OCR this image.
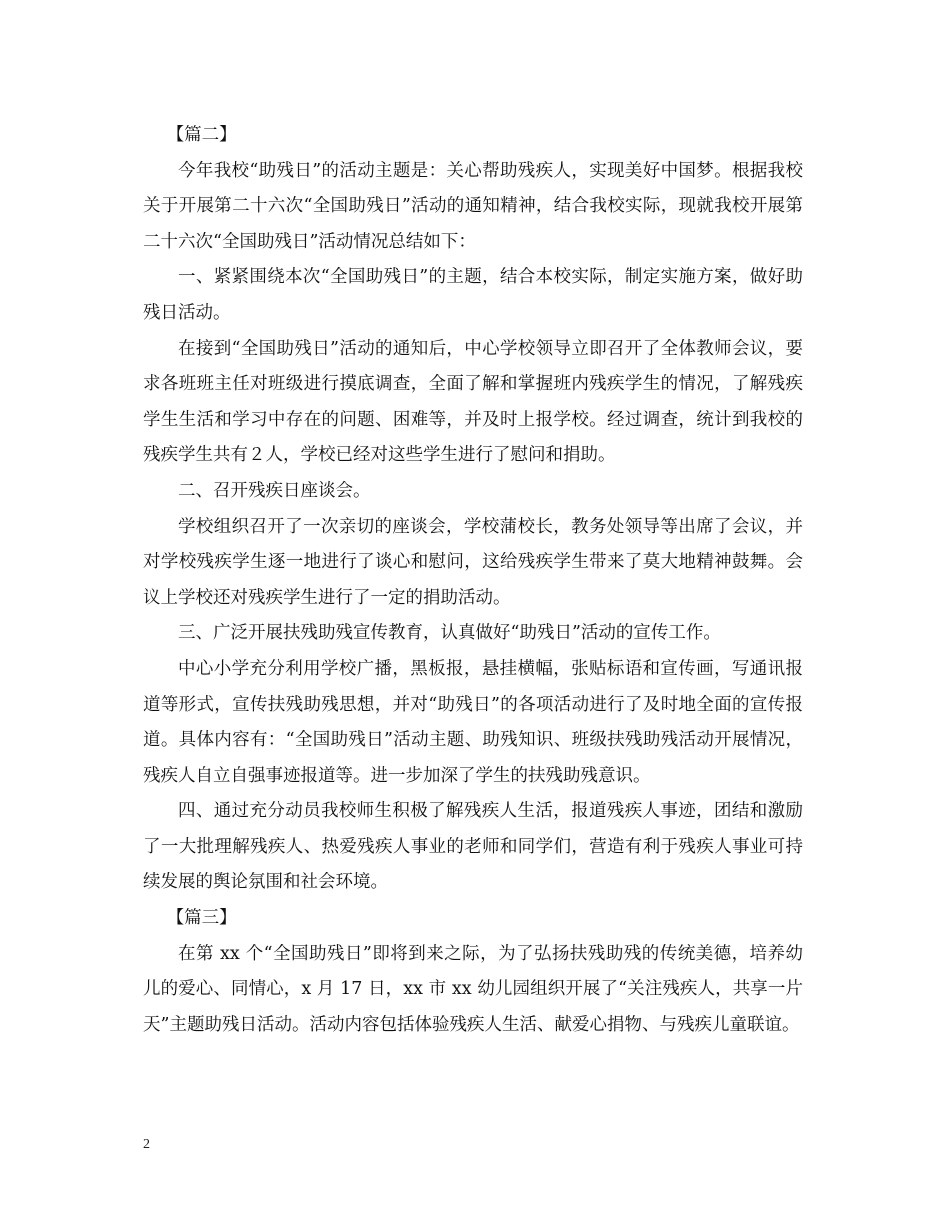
【篇二】

今年我校“助残日”的活动主题是：关心帮助残疾人，实现美好中国梦。根据我校关于开展第二十六次“全国助残日”活动的通知精神，结合我校实际，现就我校开展第二十六次“全国助残日”活动情况总结如下：

一、紧紧围绕本次“全国助残日”的主题，结合本校实际，制定实施方案，做好助残日活动。

在接到“全国助残日”活动的通知后，中心学校领导立即召开了全体教师会议，要求各班班主任对班级进行摸底调查，全面了解和掌握班内残疾学生的情况，了解残疾学生生活和学习中存在的问题、困难等，并及时上报学校。经过调查，统计到我校的残疾学生共有２人，学校已经对这些学生进行了慰问和捐助。

二、召开残疾日座谈会。

学校组织召开了一次亲切的座谈会，学校蒲校长，教务处领导等出席了会议，并对学校残疾学生逐一地进行了谈心和慰问，这给残疾学生带来了莫大地精神鼓舞。会议上学校还对残疾学生进行了一定的捐助活动。

三、广泛开展扶残助残宣传教育，认真做好“助残日”活动的宣传工作。

中心小学充分利用学校广播，黑板报，悬挂横幅，张贴标语和宣传画，写通讯报道等形式，宣传扶残助残思想，并对“助残日”的各项活动进行了及时地全面的宣传报道。具体内容有：“全国助残日”活动主题、助残知识、班级扶残助残活动开展情况，残疾人自立自强事迹报道等。进一步加深了学生的扶残助残意识。

四、通过充分动员我校师生积极了解残疾人生活，报道残疾人事迹，团结和激励了一大批理解残疾人、热爱残疾人事业的老师和同学们，营造有利于残疾人事业可持续发展的舆论氛围和社会环境。

【篇三】

在第 xx 个“全国助残日”即将到来之际，为了弘扬扶残助残的传统美德，培养幼儿的爱心、同情心，x 月 17 日，xx 市 xx 幼儿园组织开展了“关注残疾人，共享一片天”主题助残日活动。活动内容包括体验残疾人生活、献爱心捐物、与残疾儿童联谊。

2
